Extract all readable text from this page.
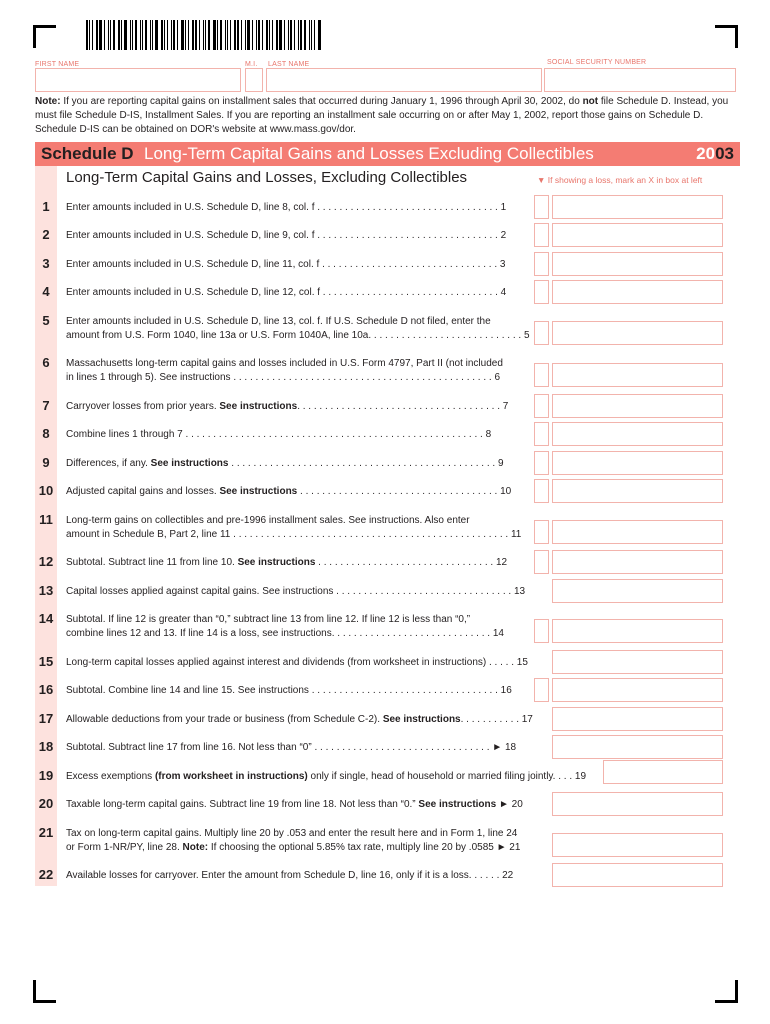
FIRST NAME	M.I. LAST NAME	SOCIAL SECURITY NUMBER
Note: If you are reporting capital gains on installment sales that occurred during January 1, 1996 through April 30, 2002, do not file Schedule D. Instead, you must file Schedule D-IS, Installment Sales. If you are reporting an installment sale occurring on or after May 1, 2002, report those gains on Schedule D. Schedule D-IS can be obtained on DOR's website at www.mass.gov/dor.
Schedule D Long-Term Capital Gains and Losses Excluding Collectibles	2003
Long-Term Capital Gains and Losses, Excluding Collectibles	▼ If showing a loss, mark an X in box at left
1	Enter amounts included in U.S. Schedule D, line 8, col. f . . . . . . . . . . . . . . . . . . . . . . . . . . . . . . . . . 1
2	Enter amounts included in U.S. Schedule D, line 9, col. f . . . . . . . . . . . . . . . . . . . . . . . . . . . . . . . . . 2
3	Enter amounts included in U.S. Schedule D, line 11, col. f . . . . . . . . . . . . . . . . . . . . . . . . . . . . . . . . 3
4	Enter amounts included in U.S. Schedule D, line 12, col. f . . . . . . . . . . . . . . . . . . . . . . . . . . . . . . . . 4
5	Enter amounts included in U.S. Schedule D, line 13, col. f. If U.S. Schedule D not filed, enter the
amount from U.S. Form 1040, line 13a or U.S. Form 1040A, line 10a. . . . . . . . . . . . . . . . . . . . . . . . . . . . 5
6	Massachusetts long-term capital gains and losses included in U.S. Form 4797, Part II (not included
in lines 1 through 5). See instructions . . . . . . . . . . . . . . . . . . . . . . . . . . . . . . . . . . . . . . . . . . . . . . . 6
7	Carryover losses from prior years. See instructions. . . . . . . . . . . . . . . . . . . . . . . . . . . . . . . . . . . . . 7
8	Combine lines 1 through 7 . . . . . . . . . . . . . . . . . . . . . . . . . . . . . . . . . . . . . . . . . . . . . . . . . . . . . . 8
9	Differences, if any. See instructions . . . . . . . . . . . . . . . . . . . . . . . . . . . . . . . . . . . . . . . . . . . . . . . . 9
10	Adjusted capital gains and losses. See instructions . . . . . . . . . . . . . . . . . . . . . . . . . . . . . . . . . . . . 10
11	Long-term gains on collectibles and pre-1996 installment sales. See instructions. Also enter
amount in Schedule B, Part 2, line 11 . . . . . . . . . . . . . . . . . . . . . . . . . . . . . . . . . . . . . . . . . . . . . . . . . . 11
12	Subtotal. Subtract line 11 from line 10. See instructions . . . . . . . . . . . . . . . . . . . . . . . . . . . . . . . . 12
13	Capital losses applied against capital gains. See instructions . . . . . . . . . . . . . . . . . . . . . . . . . . . . . . . . 13
14	Subtotal. If line 12 is greater than “0,” subtract line 13 from line 12. If line 12 is less than “0,”
combine lines 12 and 13. If line 14 is a loss, see instructions. . . . . . . . . . . . . . . . . . . . . . . . . . . . . 14
15	Long-term capital losses applied against interest and dividends (from worksheet in instructions) . . . . . 15
16	Subtotal. Combine line 14 and line 15. See instructions . . . . . . . . . . . . . . . . . . . . . . . . . . . . . . . . . . 16
17	Allowable deductions from your trade or business (from Schedule C-2). See instructions. . . . . . . . . . . 17
18	Subtotal. Subtract line 17 from line 16. Not less than “0” . . . . . . . . . . . . . . . . . . . . . . . . . . . . . . . . ► 18
19	Excess exemptions (from worksheet in instructions) only if single, head of household or married filing jointly. . . . 19
20	Taxable long-term capital gains. Subtract line 19 from line 18. Not less than “0.” See instructions ► 20
21	Tax on long-term capital gains. Multiply line 20 by .053 and enter the result here and in Form 1, line 24
or Form 1-NR/PY, line 28. Note: If choosing the optional 5.85% tax rate, multiply line 20 by .0585 ► 21
22	Available losses for carryover. Enter the amount from Schedule D, line 16, only if it is a loss. . . . . . 22
